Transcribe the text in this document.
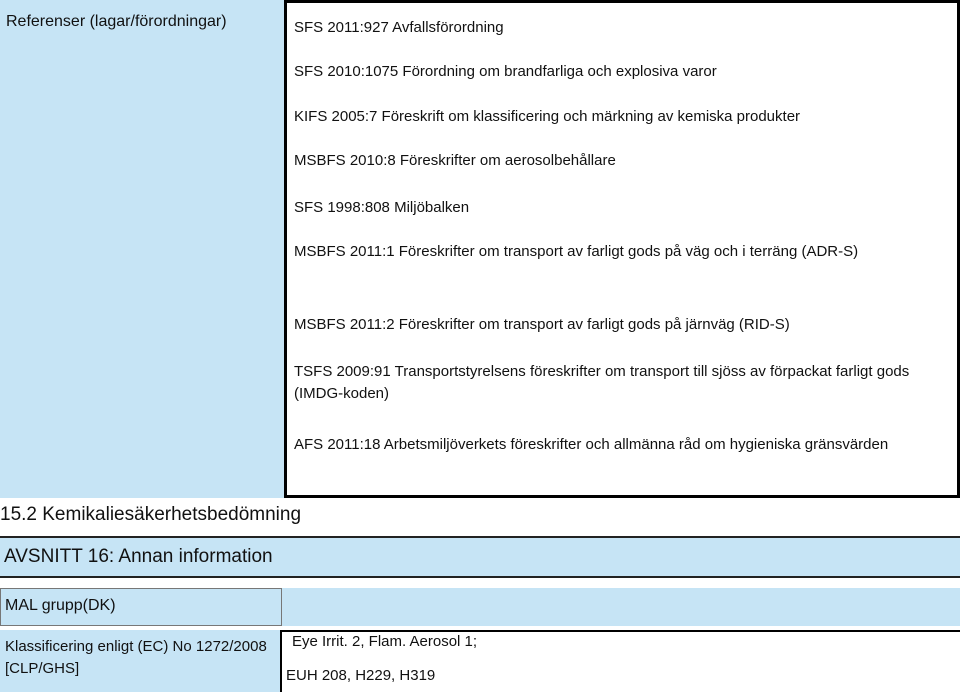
Referenser (lagar/förordningar)	SFS 2011:927 Avfallsförordning
SFS 2010:1075 Förordning om brandfarliga och explosiva varor
KIFS 2005:7 Föreskrift om klassificering och märkning av kemiska produkter
MSBFS 2010:8 Föreskrifter om aerosolbehållare
SFS 1998:808 Miljöbalken
MSBFS 2011:1 Föreskrifter om transport av farligt gods på väg och i terräng (ADR-S)
MSBFS 2011:2 Föreskrifter om transport av farligt gods på järnväg (RID-S)
TSFS 2009:91 Transportstyrelsens föreskrifter om transport till sjöss av förpackat farligt gods (IMDG-koden)
AFS 2011:18 Arbetsmiljöverkets föreskrifter och allmänna råd om hygieniska gränsvärden
15.2 Kemikaliesäkerhetsbedömning
AVSNITT 16: Annan information
MAL grupp(DK)
Klassificering enligt (EC) No 1272/2008 [CLP/GHS]
Eye Irrit. 2, Flam. Aerosol 1;
EUH 208, H229, H319
